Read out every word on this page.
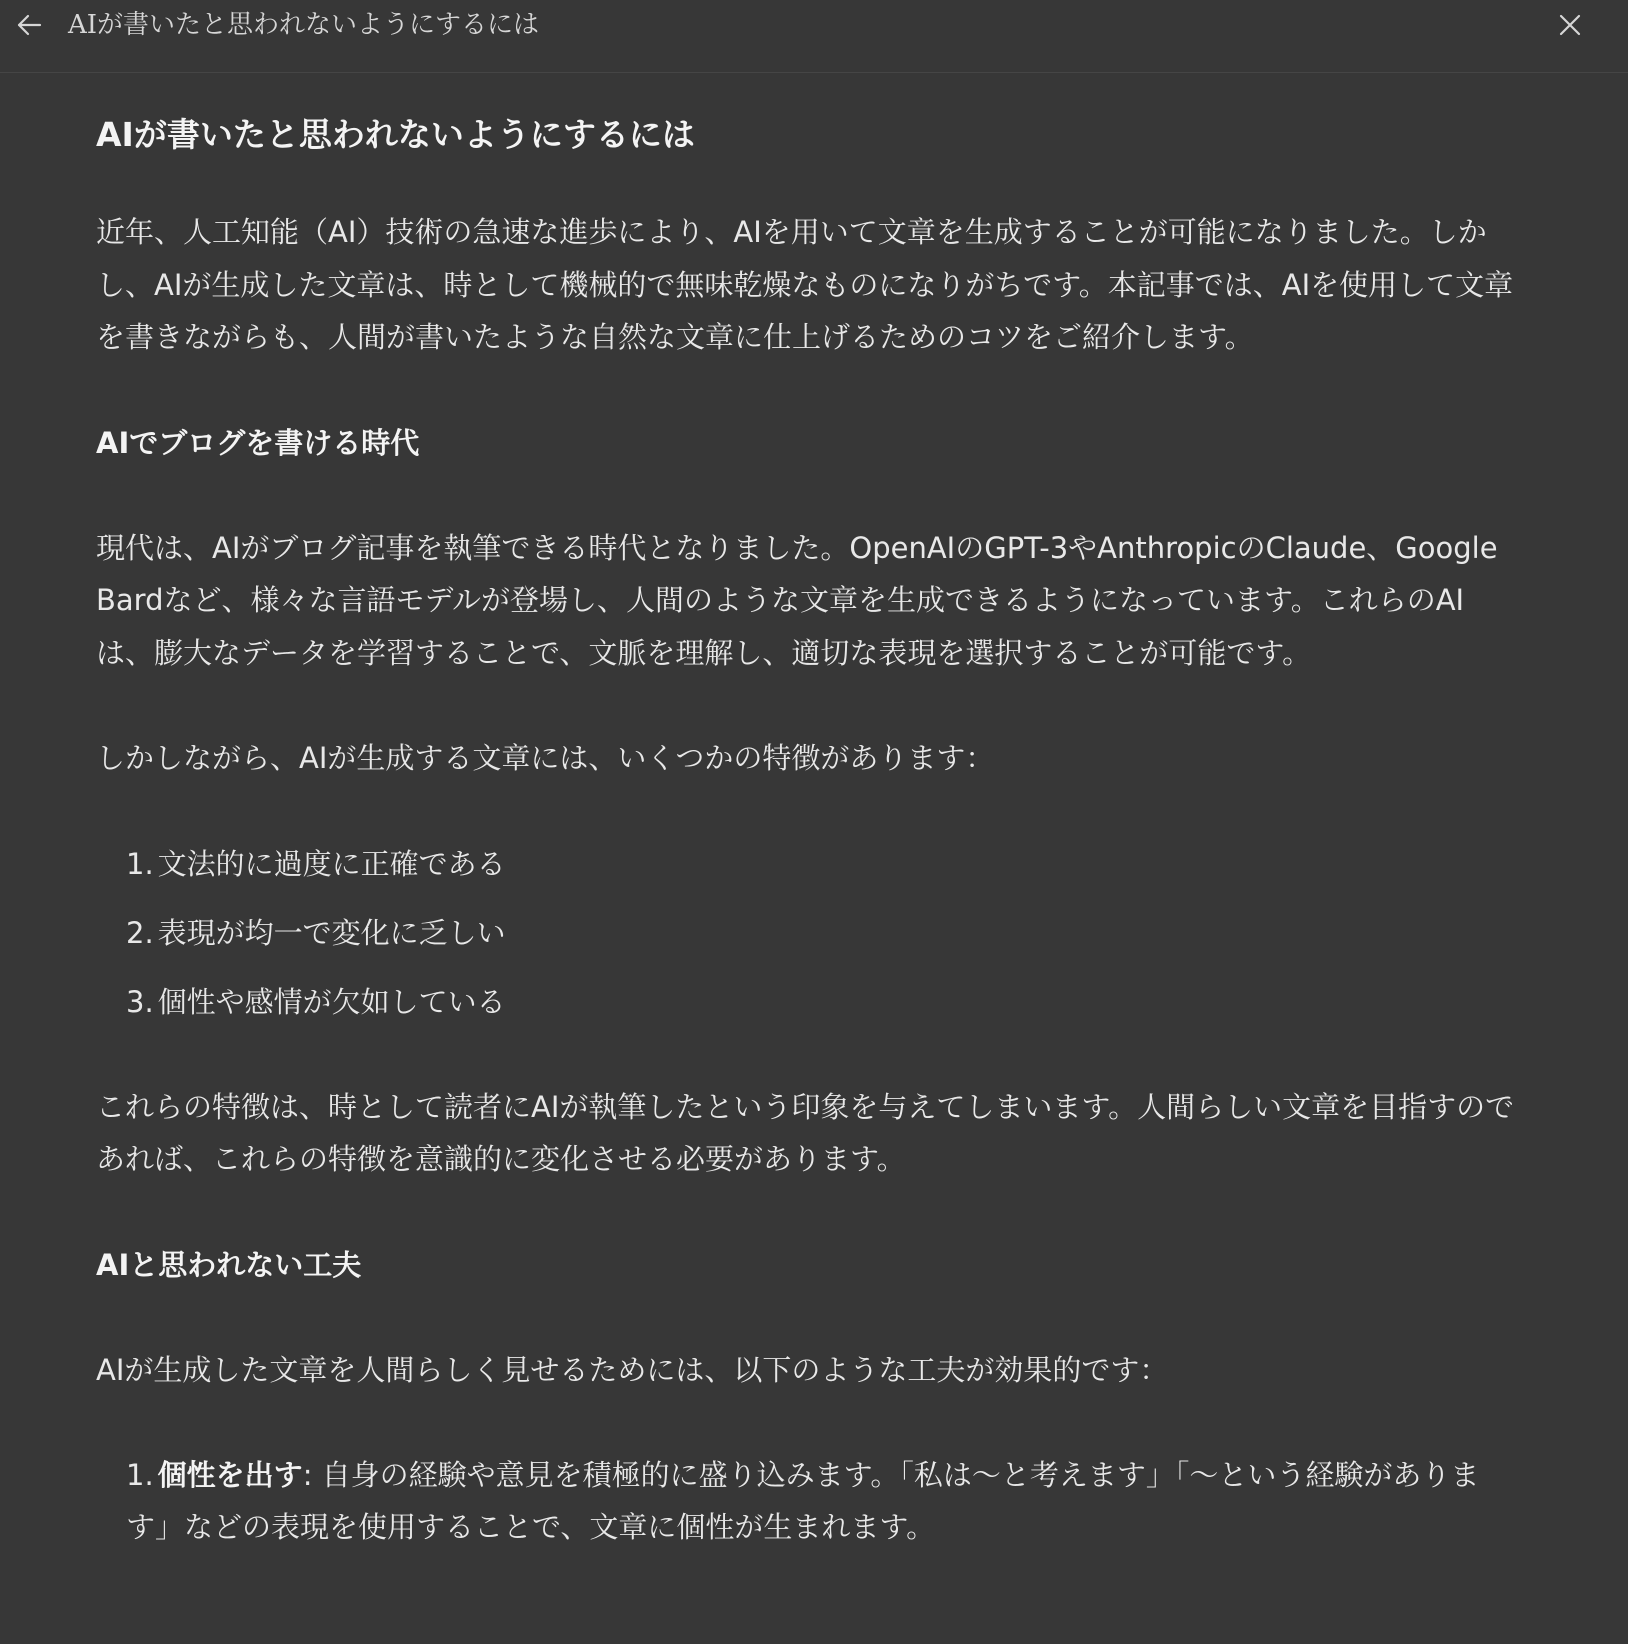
AIが書いたと思われないようにするには
AIが書いたと思われないようにするには

近年、人工知能（AI）技術の急速な進歩により、AIを用いて文章を生成することが可能になりました。しかし、AIが生成した文章は、時として機械的で無味乾燥なものになりがちです。本記事では、AIを使用して文章を書きながらも、人間が書いたような自然な文章に仕上げるためのコツをご紹介します。

AIでブログを書ける時代

現代は、AIがブログ記事を執筆できる時代となりました。OpenAIのGPT-3やAnthropicのClaude、Google Bardなど、様々な言語モデルが登場し、人間のような文章を生成できるようになっています。これらのAIは、膨大なデータを学習することで、文脈を理解し、適切な表現を選択することが可能です。

しかしながら、AIが生成する文章には、いくつかの特徴があります：

1. 文法的に過度に正確である
2. 表現が均一で変化に乏しい
3. 個性や感情が欠如している

これらの特徴は、時として読者にAIが執筆したという印象を与えてしまいます。人間らしい文章を目指すのであれば、これらの特徴を意識的に変化させる必要があります。

AIと思われない工夫

AIが生成した文章を人間らしく見せるためには、以下のような工夫が効果的です：

1. 個性を出す: 自身の経験や意見を積極的に盛り込みます。「私は〜と考えます」「〜という経験があります」などの表現を使用することで、文章に個性が生まれます。
